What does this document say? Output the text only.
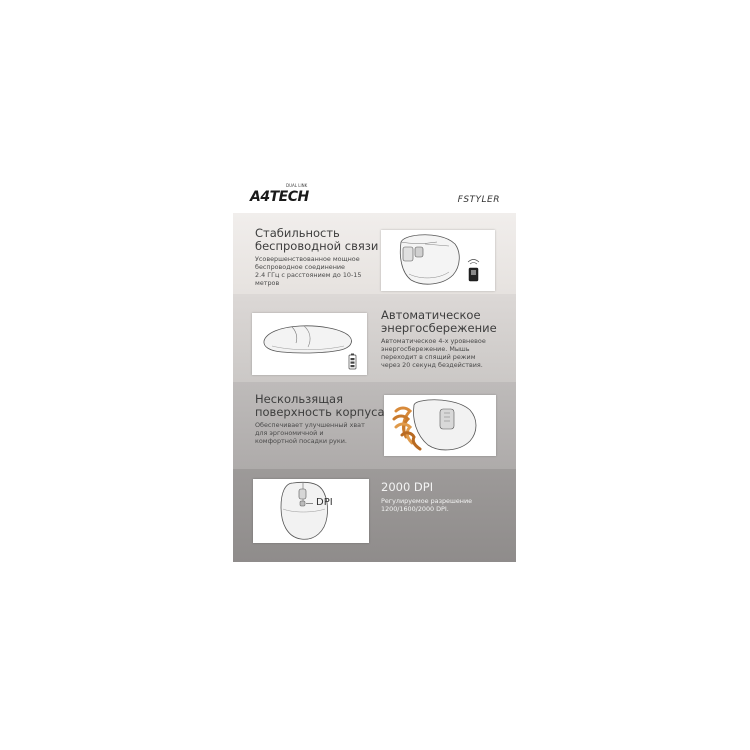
A4TECH
DUAL LINK
FSTYLER
Стабильность
беспроводной связи
Усовершенствованное мощное
беспроводное соединение
2.4 ГГц с расстоянием до 10-15
метров
Автоматическое
энергосбережение
Автоматическое 4-х уровневое
энергосбережение. Мышь
переходит в спящий режим
через 20 секунд бездействия.
Нескользящая
поверхность корпуса
Обеспечивает улучшенный хват
для эргономичной и
комфортной посадки руки.
DPI
2000 DPI
Регулируемое разрешение
1200/1600/2000 DPI.
